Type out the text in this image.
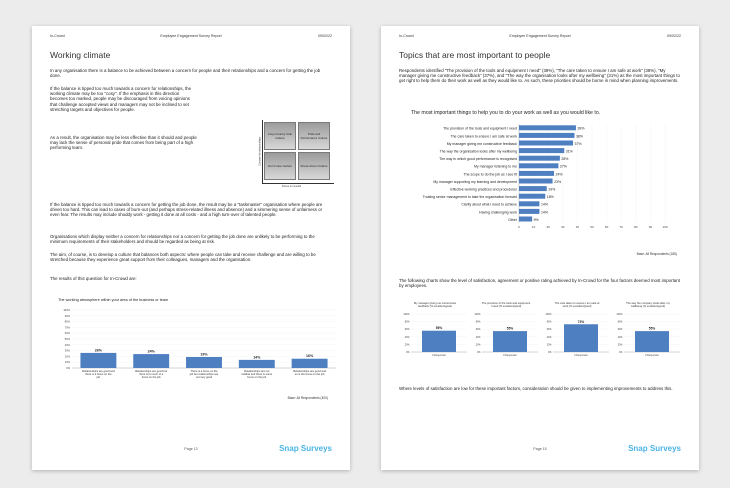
In-Crowd	Employee Engagement Survey Report	09/02/22
Working climate

In any organisation there is a balance to be achieved between a concern for people and their relationships and a concern for getting the job done.

If the balance is tipped too much towards a concern for relationships, the working climate may be too "cosy". If the emphasis in this direction becomes too marked, people may be discouraged from voicing opinions that challenge accepted views and managers may not be inclined to set stretching targets and objectives for people.

As a result, the organisation may be less effective than it should and people may lack the sense of personal pride that comes from being part of a high performing team.

Cosy Country Club Culture
Pride and Performance Culture
Don't Care Culture	Stress-driven Culture
Focus on results
Concern for relationships

If the balance is tipped too much towards a concern for getting the job done, the result may be a "taskmaster" organisation where people are driven too hard. This can lead to cases of burn-out (and perhaps stress-related illness and absence) and a simmering sense of unfairness or even fear. The results may include shoddy work - getting it done at all costs - and a high turn-over of talented people.

Organisations which display neither a concern for relationships nor a concern for getting the job done are unlikely to be performing to the minimum requirements of their stakeholders and should be regarded as being at risk.

The aim, of course, is to develop a culture that balances both aspects: where people can take and receive challenge and are willing to be stretched because they experience great support from their colleagues, managers and the organisation.

The results of this question for In-Crowd are:

The working atmosphere within your area of the business or team
0%
10%
20%
30%
40%
50%
60%
70%
80%
90%
100%
26%
Relationships are good and there is a focus on the job
24%
Relationships are good but there isn't much of a focus on the job
19%
There is a focus on the job but relationships are not very good
14%
Relationships are not reliable and there is some focus on the job
16%
Relationships are good and so is the focus on the job
Base: All Respondents (400)
Page 13	Snap Surveys
In-Crowd	Employee Engagement Survey Report	09/02/22
Topics that are most important to people

Respondents identified "The provision of the tools and equipment I need" (39%), "The care taken to ensure I am safe at work" (38%), "My manager giving me constructive feedback" (37%), and "The way the organisation looks after my wellbeing" (31%) as the most important things to get right to help them do their work as well as they would like to. As such, these priorities should be borne in mind when planning improvements.

The most important things to help you to do your work as well as you would like to.
0	10	20	30	40	50	60	70	80	90	100
The provision of the tools and equipment I need	39%
The care taken to ensure I am safe at work	38%
My manager giving me constructive feedback	37%
The way the organisation looks after my wellbeing	31%
The way in which good performance is recognised	28%
My manager listening to me	27%
The scope to do the job as I see fit	24%
My manager supporting my learning and development	23%
Effective working practices and procedures	19%
Trusting senior management to take the organisation forward	18%
Clarity about what I need to achieve	14%
Having challenging work	14%
Other	9%
Base: All Respondents (185)

The following charts show the level of satisfaction, agreement or positive rating achieved by In-Crowd for the four factors deemed most important by employees.

My manager giving me constructive feedback (% excellent/good)
0%
20%
40%
60%
80%
100%
56%
0 Responder
The provision of the tools and equipment I need (% excellent/good)
0%
20%
40%
60%
80%
100%
55%
0 Responder
The care taken to ensure I am safe at work (% excellent/good)
0%
20%
40%
60%
80%
100%
73%
0 Responder
The way the company looks after my wellbeing (% excellent/good)
0%
20%
40%
60%
80%
100%
55%
0 Responder

Where levels of satisfaction are low for these important factors, consideration should be given to implementing improvements to address this.

Page 15	Snap Surveys
